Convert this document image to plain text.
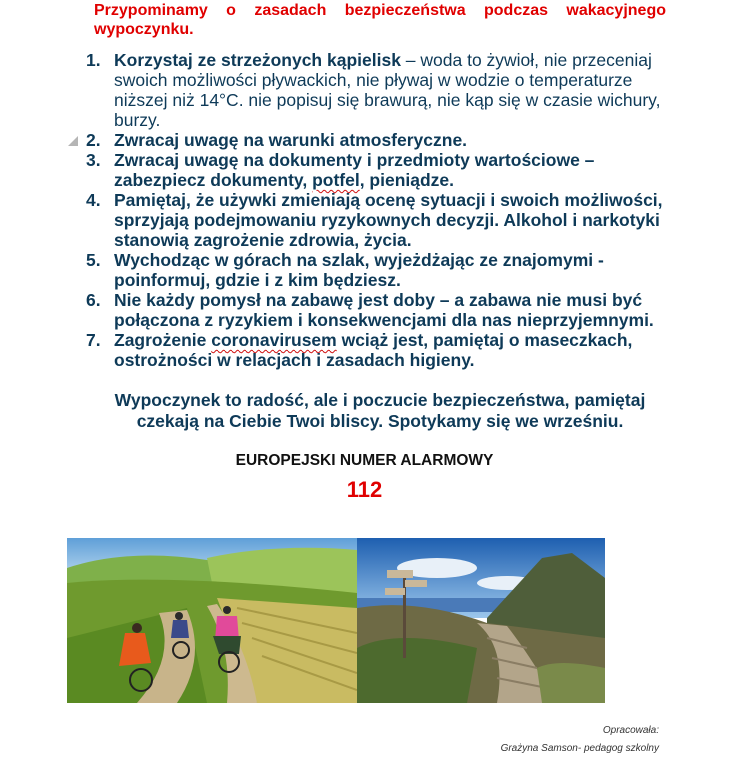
Przypominamy o zasadach bezpieczeństwa podczas wakacyjnego wypoczynku.

1. Korzystaj ze strzeżonych kąpielisk – woda to żywioł, nie przeceniaj swoich możliwości pływackich, nie pływaj w wodzie o temperaturze niższej niż 14°C. nie popisuj się brawurą, nie kąp się w czasie wichury, burzy.
2. Zwracaj uwagę na warunki atmosferyczne.
3. Zwracaj uwagę na dokumenty i przedmioty wartościowe – zabezpiecz dokumenty, potfel, pieniądze.
4. Pamiętaj, że używki zmieniają ocenę sytuacji i swoich możliwości, sprzyjają podejmowaniu ryzykownych decyzji. Alkohol i narkotyki stanowią zagrożenie zdrowia, życia.
5. Wychodząc w górach na szlak, wyjeżdżając ze znajomymi - poinformuj, gdzie i z kim będziesz.
6. Nie każdy pomysł na zabawę jest doby – a zabawa nie musi być połączona z ryzykiem i konsekwencjami dla nas nieprzyjemnymi.
7. Zagrożenie coronavirusem wciąż jest, pamiętaj o maseczkach, ostrożności w relacjach i zasadach higieny.

Wypoczynek to radość, ale i poczucie bezpieczeństwa, pamiętaj czekają na Ciebie Twoi bliscy. Spotykamy się we wrześniu.

EUROPEJSKI NUMER ALARMOWY

112

Opracowała:
Grażyna Samson- pedagog szkolny
